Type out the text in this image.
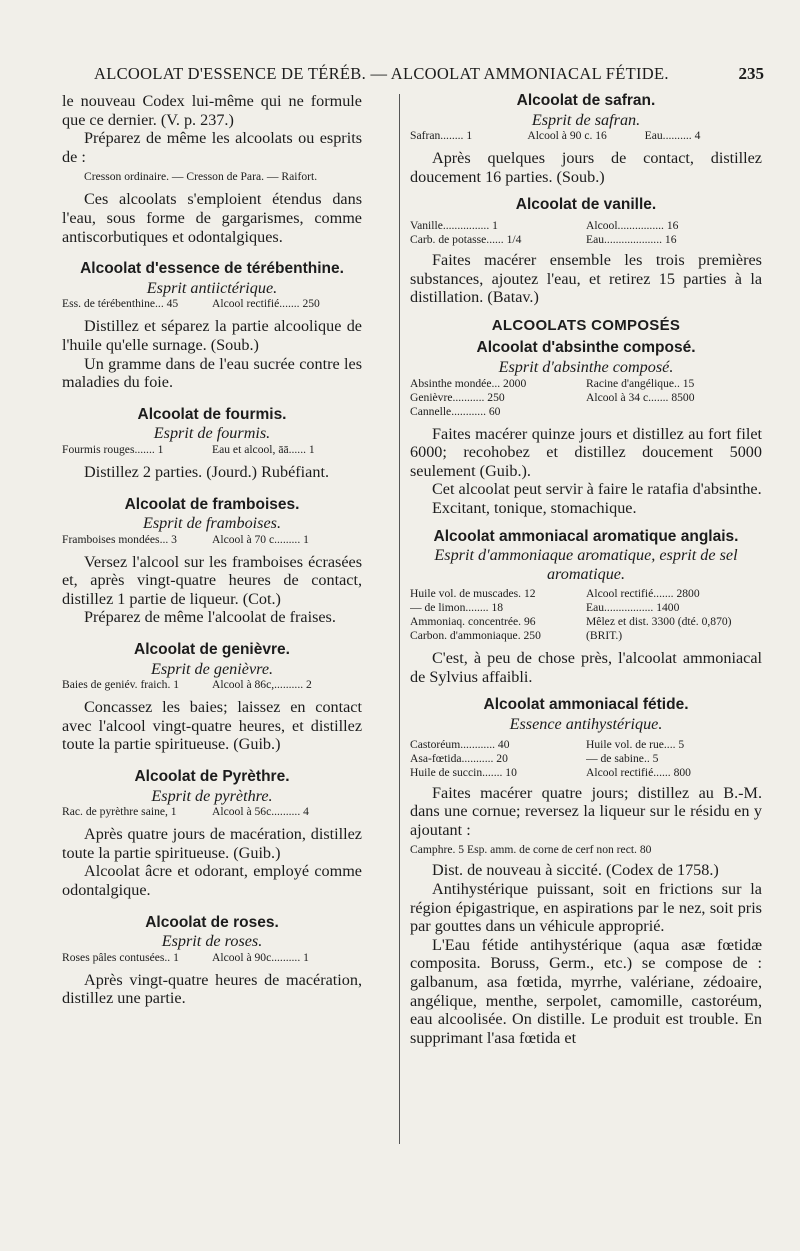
ALCOOLAT D'ESSENCE DE TÉRÉB. — ALCOOLAT AMMONIACAL FÉTIDE.	235

le nouveau Codex lui-même qui ne formule que ce dernier. (V. p. 237.)

Préparez de même les alcoolats ou esprits de :

Cresson ordinaire. — Cresson de Para. — Raifort.

Ces alcoolats s'emploient étendus dans l'eau, sous forme de gargarismes, comme antiscorbutiques et odontalgiques.

Alcoolat d'essence de térébenthine.

Esprit antiictérique.

Ess. de térébenthine... 45	Alcool rectifié....... 250

Distillez et séparez la partie alcoolique de l'huile qu'elle surnage. (Soub.)

Un gramme dans de l'eau sucrée contre les maladies du foie.

Alcoolat de fourmis.

Esprit de fourmis.

Fourmis rouges....... 1	Eau et alcool, āā...... 1

Distillez 2 parties. (Jourd.) Rubéfiant.

Alcoolat de framboises.

Esprit de framboises.

Framboises mondées... 3	Alcool à 70 c......... 1

Versez l'alcool sur les framboises écrasées et, après vingt-quatre heures de contact, distillez 1 partie de liqueur. (Cot.)

Préparez de même l'alcoolat de fraises.

Alcoolat de genièvre.

Esprit de genièvre.

Baies de geniév. fraich. 1	Alcool à 86c,.......... 2

Concassez les baies; laissez en contact avec l'alcool vingt-quatre heures, et distillez toute la partie spiritueuse. (Guib.)

Alcoolat de Pyrèthre.

Esprit de pyrèthre.

Rac. de pyrèthre saine, 1	Alcool à 56c.......... 4

Après quatre jours de macération, distillez toute la partie spiritueuse. (Guib.)

Alcoolat âcre et odorant, employé comme odontalgique.

Alcoolat de roses.

Esprit de roses.

Roses pâles contusées.. 1	Alcool à 90c.......... 1

Après vingt-quatre heures de macération, distillez une partie.

Alcoolat de safran.

Esprit de safran.

Safran........ 1	Alcool à 90 c. 16	Eau.......... 4

Après quelques jours de contact, distillez doucement 16 parties. (Soub.)

Alcoolat de vanille.
Vanille................ 1	Alcool................ 16
Carb. de potasse...... 1/4	Eau.................... 16

Faites macérer ensemble les trois premières substances, ajoutez l'eau, et retirez 15 parties à la distillation. (Batav.)

ALCOOLATS COMPOSÉS
Alcoolat d'absinthe composé.

Esprit d'absinthe composé.

Absinthe mondée... 2000	Racine d'angélique.. 15
Genièvre........... 250	Alcool à 34 c....... 8500
Cannelle............ 60

Faites macérer quinze jours et distillez au fort filet 6000; recohobez et distillez doucement 5000 seulement (Guib.).

Cet alcoolat peut servir à faire le ratafia d'absinthe.

Excitant, tonique, stomachique.

Alcoolat ammoniacal aromatique anglais.

Esprit d'ammoniaque aromatique, esprit de sel aromatique.

Huile vol. de muscades. 12	Alcool rectifié....... 2800
— de limon........ 18	Eau................. 1400
Ammoniaq. concentrée. 96	Mêlez et dist. 3300 (dté. 0,870)
Carbon. d'ammoniaque. 250	(BRIT.)

C'est, à peu de chose près, l'alcoolat ammoniacal de Sylvius affaibli.

Alcoolat ammoniacal fétide.

Essence antihystérique.

Castoréum............ 40	Huile vol. de rue.... 5
Asa-fœtida........... 20	— de sabine.. 5
Huile de succin....... 10	Alcool rectifié...... 800

Faites macérer quatre jours; distillez au B.-M. dans une cornue; reversez la liqueur sur le résidu en y ajoutant :

Camphre. 5 Esp. amm. de corne de cerf non rect. 80

Dist. de nouveau à siccité. (Codex de 1758.)

Antihystérique puissant, soit en frictions sur la région épigastrique, en aspirations par le nez, soit pris par gouttes dans un véhicule approprié.

L'Eau fétide antihystérique (aqua asæ fœtidæ composita. Boruss, Germ., etc.) se compose de : galbanum, asa fœtida, myrrhe, valériane, zédoaire, angélique, menthe, serpolet, camomille, castoréum, eau alcoolisée. On distille. Le produit est trouble. En supprimant l'asa fœtida et
